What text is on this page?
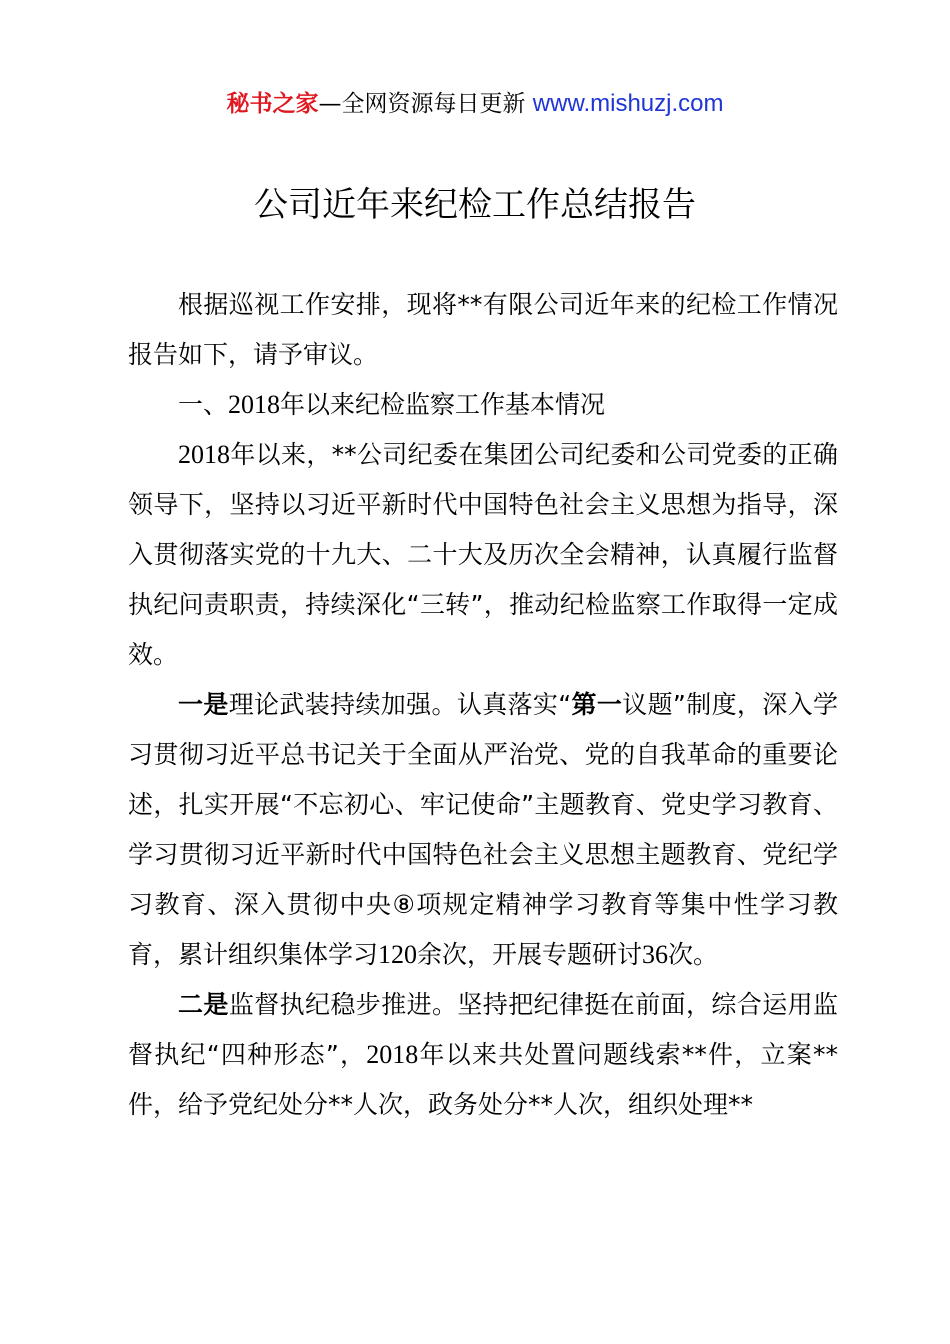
秘书之家—全网资源每日更新 www.mishuzj.com
公司近年来纪检工作总结报告

根据巡视工作安排，现将**有限公司近年来的纪检工作情况报告如下，请予审议。

一、2018年以来纪检监察工作基本情况

2018年以来，**公司纪委在集团公司纪委和公司党委的正确领导下，坚持以习近平新时代中国特色社会主义思想为指导，深入贯彻落实党的十九大、二十大及历次全会精神，认真履行监督执纪问责职责，持续深化“三转”，推动纪检监察工作取得一定成效。

一是理论武装持续加强。认真落实“第一议题”制度，深入学习贯彻习近平总书记关于全面从严治党、党的自我革命的重要论述，扎实开展“不忘初心、牢记使命”主题教育、党史学习教育、学习贯彻习近平新时代中国特色社会主义思想主题教育、党纪学习教育、深入贯彻中央⑧项规定精神学习教育等集中性学习教育，累计组织集体学习120余次，开展专题研讨36次。

二是监督执纪稳步推进。坚持把纪律挺在前面，综合运用监督执纪“四种形态”，2018年以来共处置问题线索**件，立案**件，给予党纪处分**人次，政务处分**人次，组织处理**
